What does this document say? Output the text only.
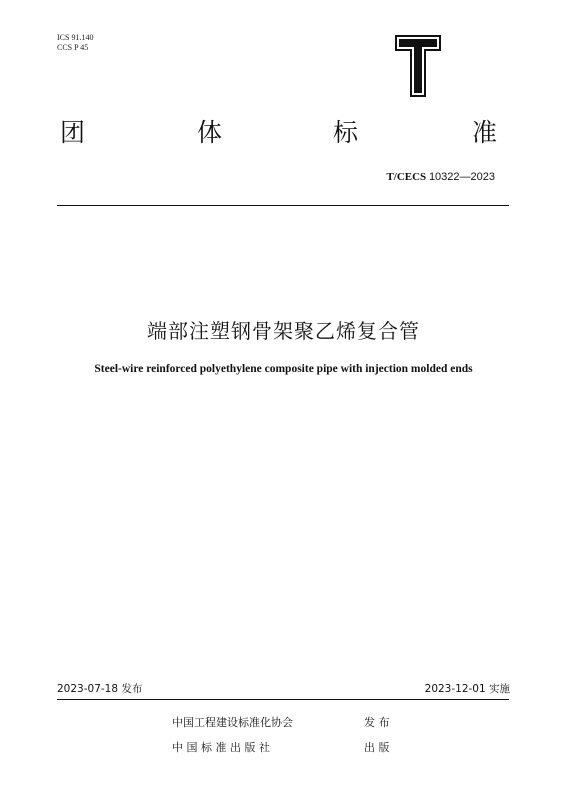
ICS 91.140
CCS P 45
团	体	标	准
T/CECS 10322—2023
端部注塑钢骨架聚乙烯复合管
Steel-wire reinforced polyethylene composite pipe with injection molded ends
2023-07-18 发布	2023-12-01 实施
中国工程建设标准化协会	发 布
中 国 标 准 出 版 社	出 版
